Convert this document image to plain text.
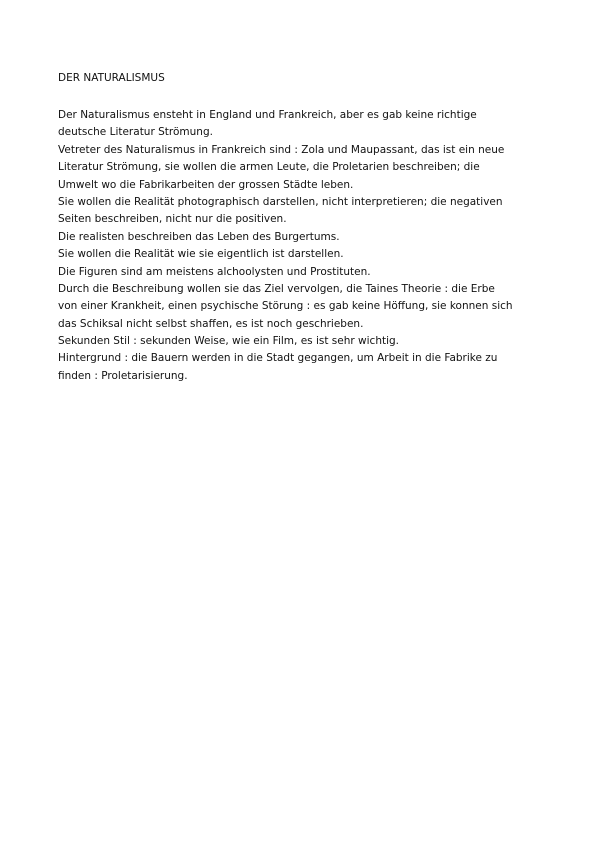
DER NATURALISMUS
Der Naturalismus ensteht in England und Frankreich, aber es gab keine richtige
deutsche Literatur Strömung.
Vetreter des Naturalismus in Frankreich sind : Zola und Maupassant, das ist ein neue
Literatur Strömung, sie wollen die armen Leute, die Proletarien beschreiben; die
Umwelt wo die Fabrikarbeiten der grossen Städte leben.
Sie wollen die Realität photographisch darstellen, nicht interpretieren; die negativen
Seiten beschreiben, nicht nur die positiven.
Die realisten beschreiben das Leben des Burgertums.
Sie wollen die Realität wie sie eigentlich ist darstellen.
Die Figuren sind am meistens alchoolysten und Prostituten.
Durch die Beschreibung wollen sie das Ziel vervolgen, die Taines Theorie : die Erbe
von einer Krankheit, einen psychische Störung : es gab keine Höffung, sie konnen sich
das Schiksal nicht selbst shaffen, es ist noch geschrieben.
Sekunden Stil : sekunden Weise, wie ein Film, es ist sehr wichtig.
Hintergrund : die Bauern werden in die Stadt gegangen, um Arbeit in die Fabrike zu
finden : Proletarisierung.
